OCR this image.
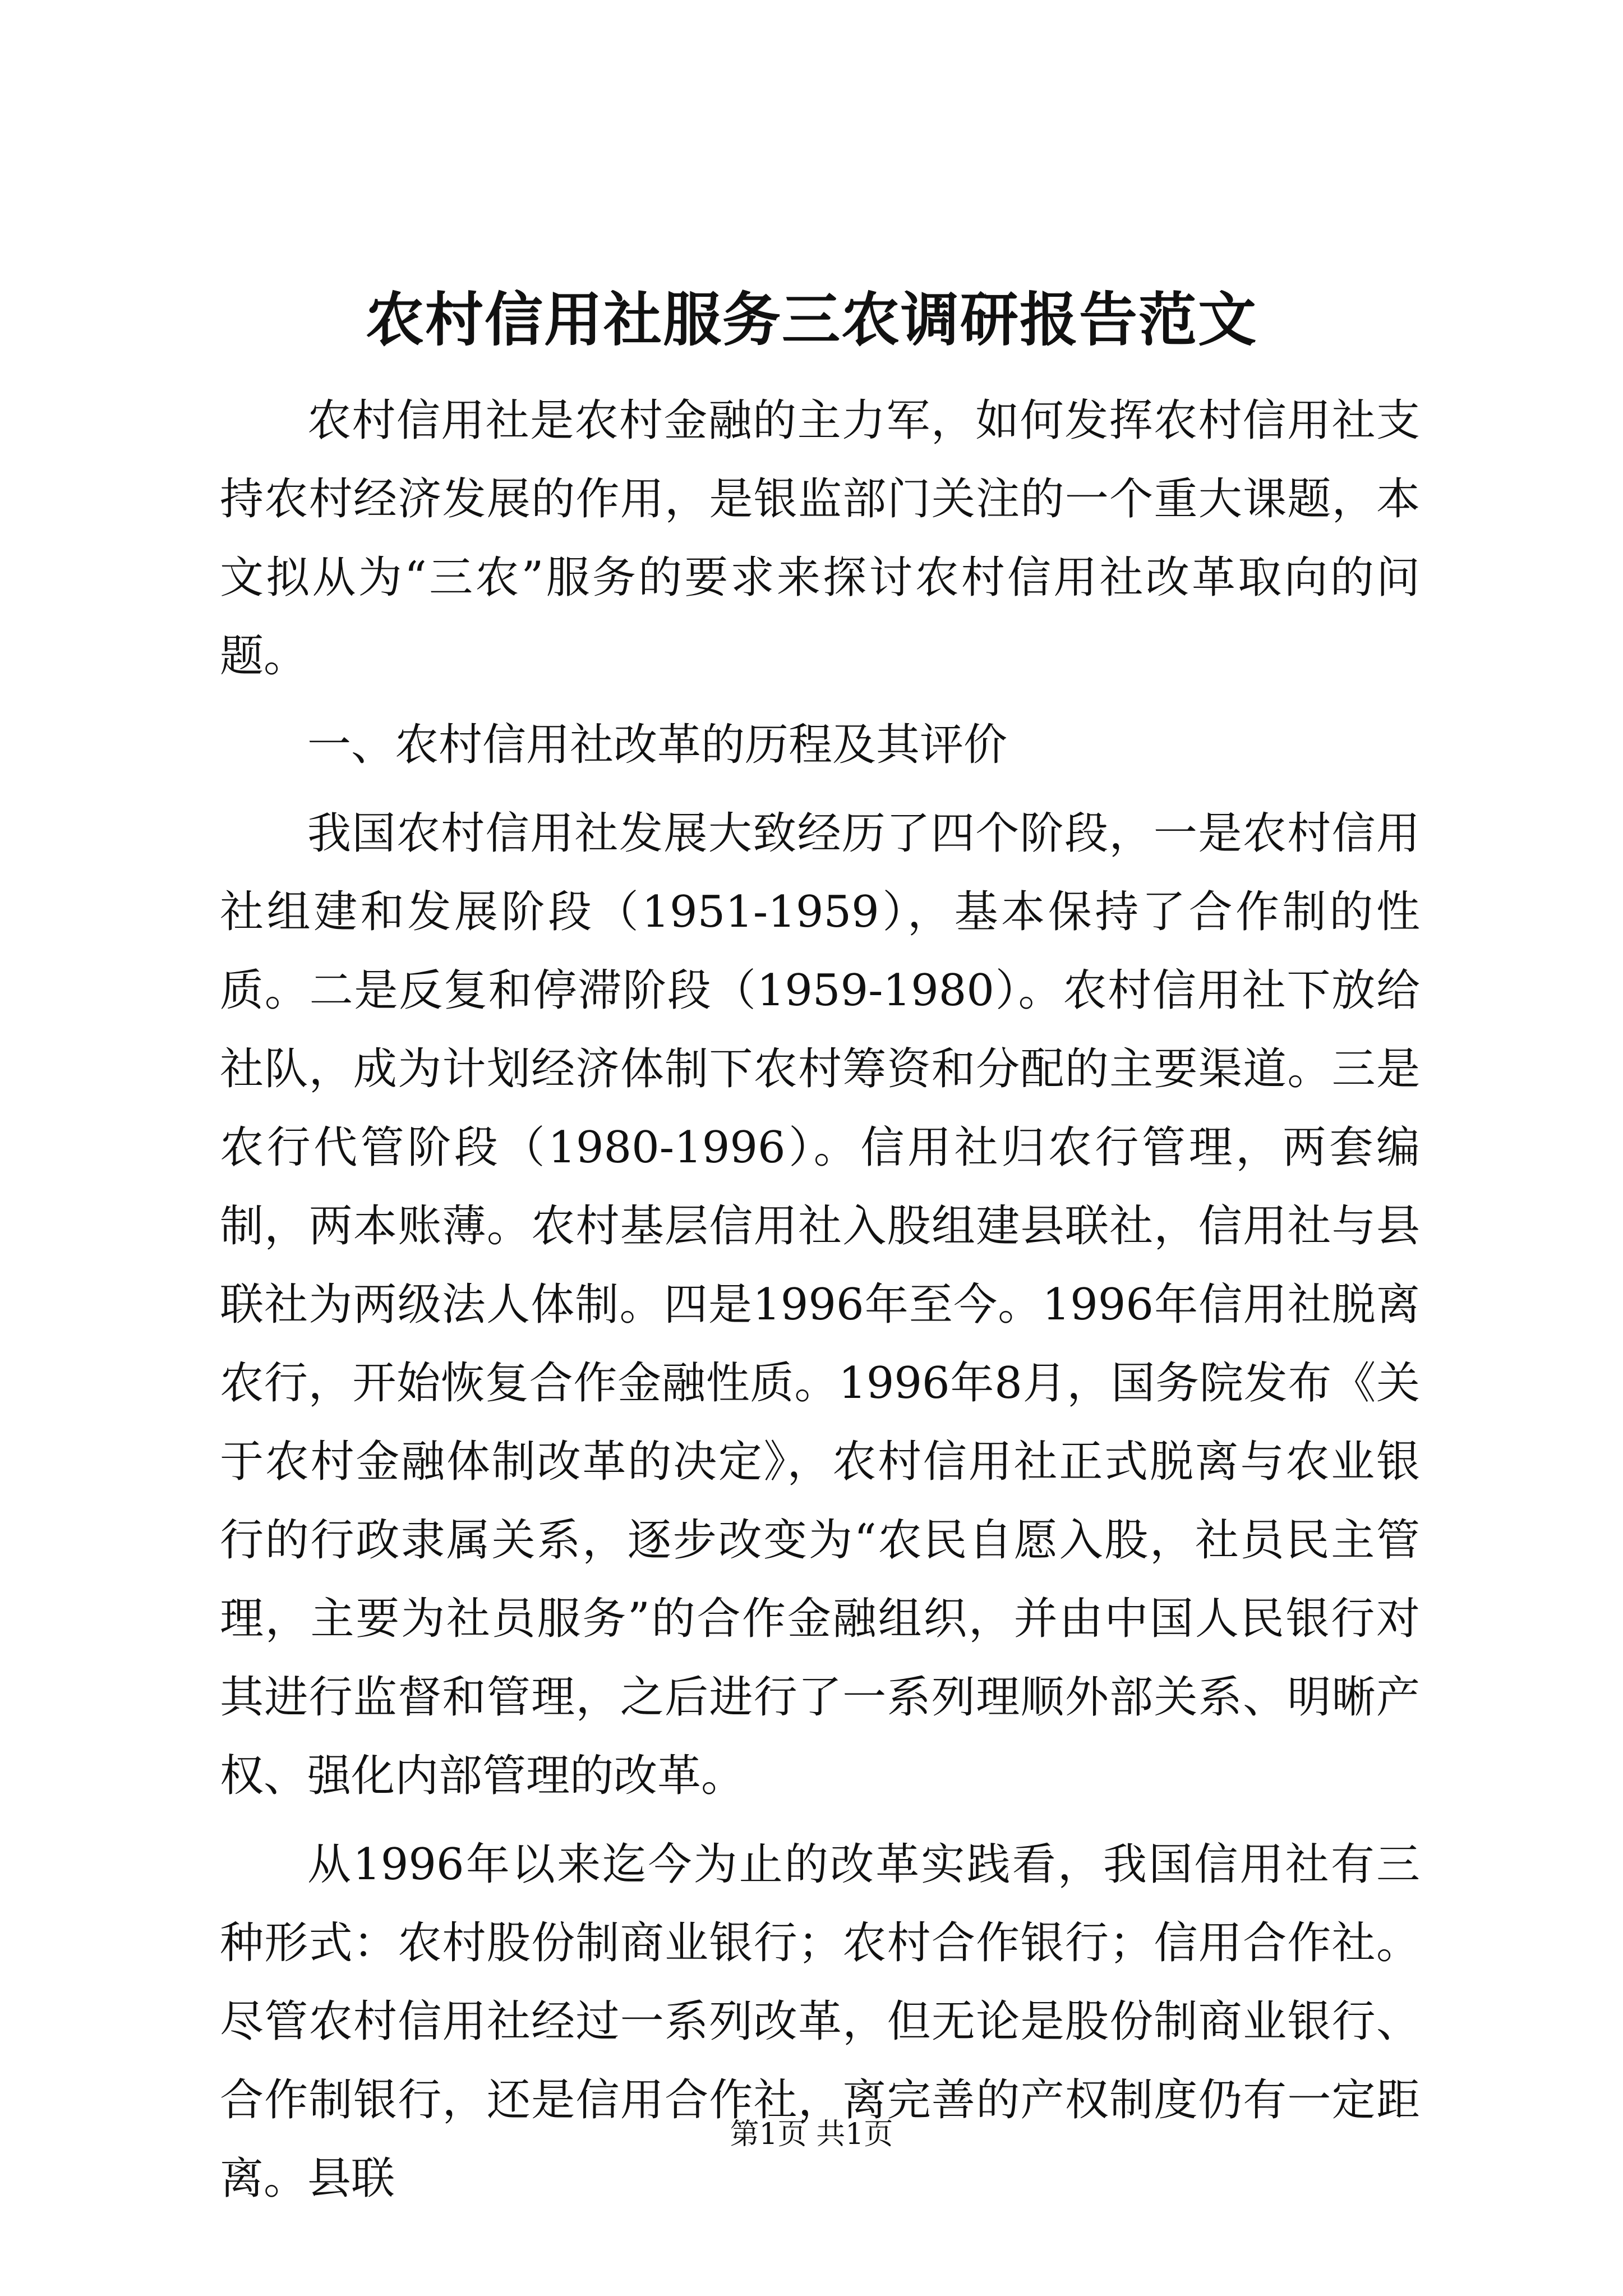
农村信用社服务三农调研报告范文

农村信用社是农村金融的主力军，如何发挥农村信用社支持农村经济发展的作用，是银监部门关注的一个重大课题，本文拟从为“三农”服务的要求来探讨农村信用社改革取向的问题。

一、农村信用社改革的历程及其评价

我国农村信用社发展大致经历了四个阶段，一是农村信用社组建和发展阶段（1951-1959），基本保持了合作制的性质。二是反复和停滞阶段（1959-1980）。农村信用社下放给社队，成为计划经济体制下农村筹资和分配的主要渠道。三是农行代管阶段（1980-1996）。信用社归农行管理，两套编制，两本账薄。农村基层信用社入股组建县联社，信用社与县联社为两级法人体制。四是1996年至今。1996年信用社脱离农行，开始恢复合作金融性质。1996年8月，国务院发布《关于农村金融体制改革的决定》，农村信用社正式脱离与农业银行的行政隶属关系，逐步改变为“农民自愿入股，社员民主管理，主要为社员服务”的合作金融组织，并由中国人民银行对其进行监督和管理，之后进行了一系列理顺外部关系、明晰产权、强化内部管理的改革。

从1996年以来迄今为止的改革实践看，我国信用社有三种形式：农村股份制商业银行；农村合作银行；信用合作社。尽管农村信用社经过一系列改革，但无论是股份制商业银行、合作制银行，还是信用合作社，离完善的产权制度仍有一定距离。县联

第1页 共1页
